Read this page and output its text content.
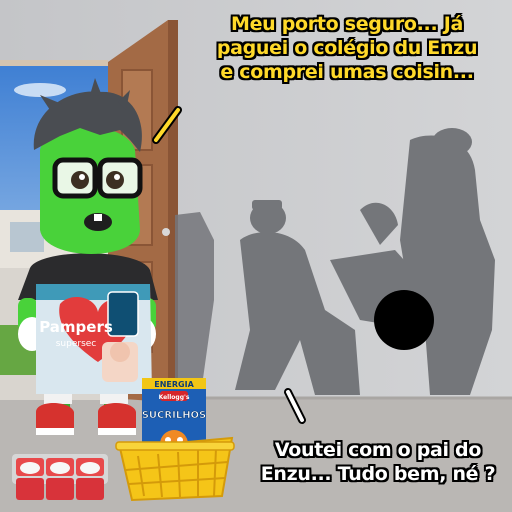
Pampers
supersec
ENERGIA
Kellogg's
SUCRILHOS
Meu porto seguro... Já
paguei o colégio du Enzu
e comprei umas coisin...
Voutei com o pai do
Enzu... Tudo bem, né ?
